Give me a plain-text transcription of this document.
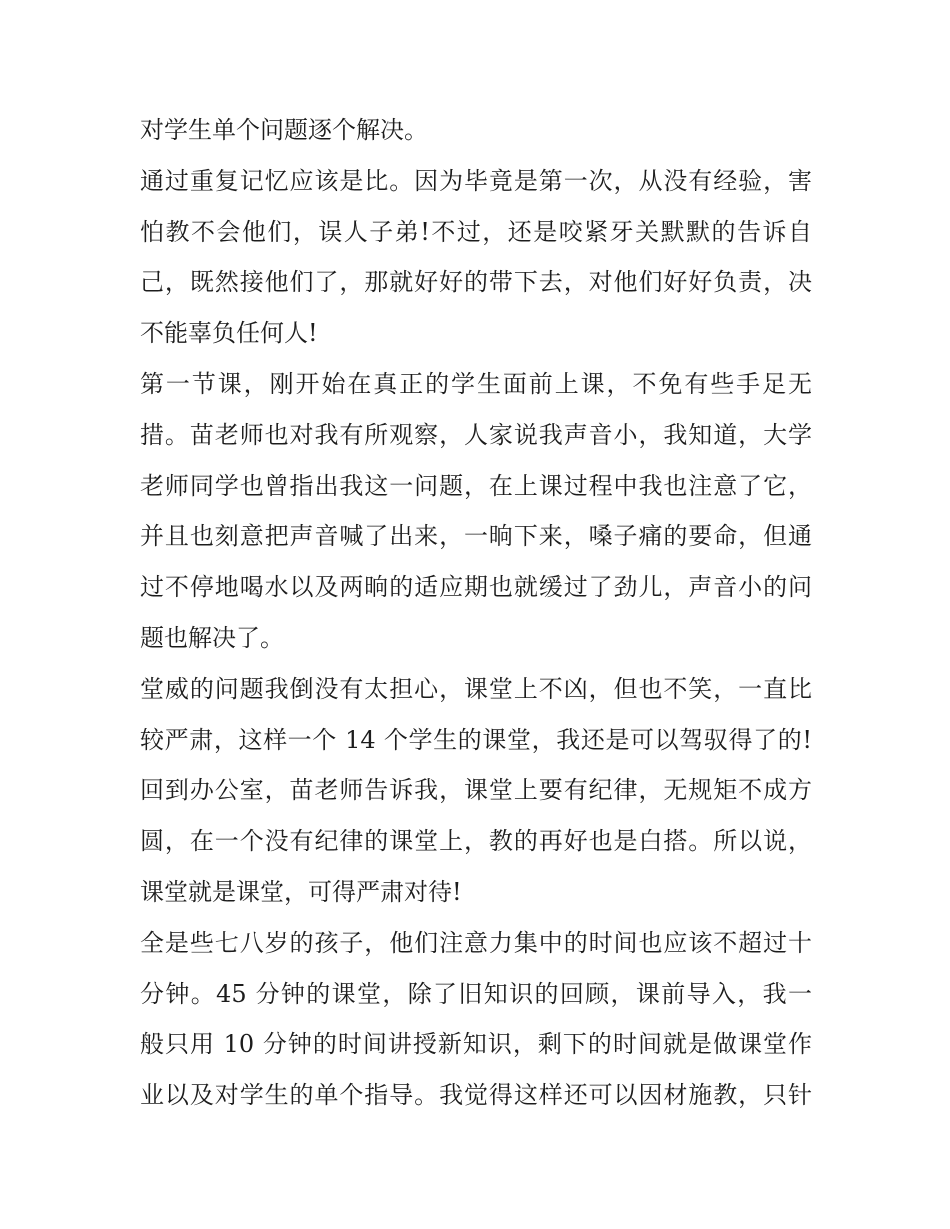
对学生单个问题逐个解决。
通过重复记忆应该是比。因为毕竟是第一次，从没有经验，害
怕教不会他们，误人子弟!不过，还是咬紧牙关默默的告诉自
己，既然接他们了，那就好好的带下去，对他们好好负责，决
不能辜负任何人!
第一节课，刚开始在真正的学生面前上课，不免有些手足无
措。苗老师也对我有所观察，人家说我声音小，我知道，大学
老师同学也曾指出我这一问题，在上课过程中我也注意了它，
并且也刻意把声音喊了出来，一晌下来，嗓子痛的要命，但通
过不停地喝水以及两晌的适应期也就缓过了劲儿，声音小的问
题也解决了。
堂威的问题我倒没有太担心，课堂上不凶，但也不笑，一直比
较严肃，这样一个 14 个学生的课堂，我还是可以驾驭得了的!
回到办公室，苗老师告诉我，课堂上要有纪律，无规矩不成方
圆，在一个没有纪律的课堂上，教的再好也是白搭。所以说，
课堂就是课堂，可得严肃对待!
全是些七八岁的孩子，他们注意力集中的时间也应该不超过十
分钟。45 分钟的课堂，除了旧知识的回顾，课前导入，我一
般只用 10 分钟的时间讲授新知识，剩下的时间就是做课堂作
业以及对学生的单个指导。我觉得这样还可以因材施教，只针
